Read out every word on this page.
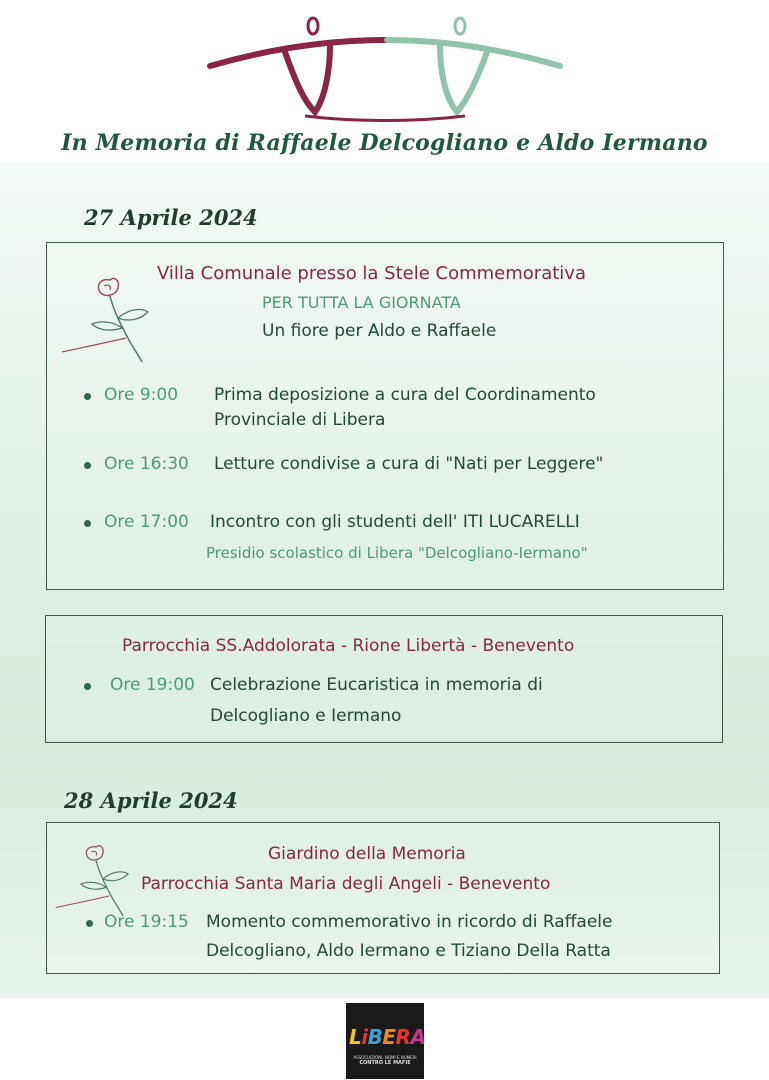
In Memoria di Raffaele Delcogliano e Aldo Iermano
27 Aprile 2024
Villa Comunale presso la Stele Commemorativa
PER TUTTA LA GIORNATA
Un fiore per Aldo e Raffaele
Ore 9:00 Prima deposizione a cura del Coordinamento
Provinciale di Libera
Ore 16:30 Letture condivise a cura di "Nati per Leggere"
Ore 17:00 Incontro con gli studenti dell' ITI LUCARELLI
Presidio scolastico di Libera "Delcogliano-Iermano"
Parrocchia SS.Addolorata - Rione Libertà - Benevento
Ore 19:00 Celebrazione Eucaristica in memoria di
Delcogliano e Iermano
28 Aprile 2024
Giardino della Memoria
Parrocchia Santa Maria degli Angeli - Benevento
Ore 19:15 Momento commemorativo in ricordo di Raffaele
Delcogliano, Aldo Iermano e Tiziano Della Ratta
LiBERA
ASSOCIAZIONI, NOMI E NUMERI
CONTRO LE MAFIE
